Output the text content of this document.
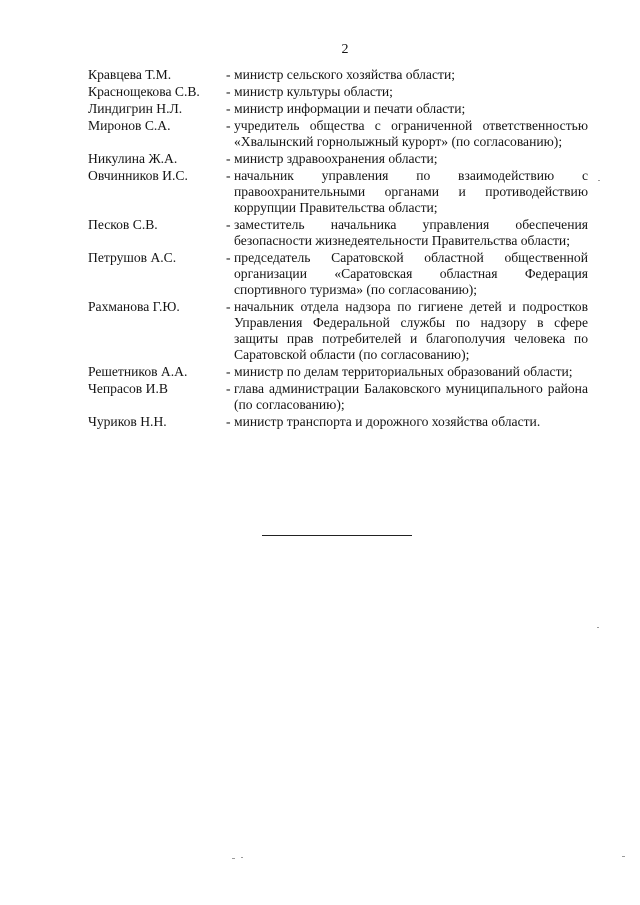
2
Кравцева Т.М.	- министр сельского хозяйства области;
Краснощекова С.В.	- министр культуры области;
Линдигрин Н.Л.	- министр информации и печати области;
Миронов С.А.	- учредитель общества с ограниченной ответственностью «Хвалынский горнолыжный курорт» (по согласованию);
Никулина Ж.А.	- министр здравоохранения области;
Овчинников И.С.	- начальник управления по взаимодействию с правоохранительными органами и противодействию коррупции Правительства области;
Песков С.В.	- заместитель начальника управления обеспечения безопасности жизнедеятельности Правительства области;
Петрушов А.С.	- председатель Саратовской областной общественной организации «Саратовская областная Федерация спортивного туризма» (по согласованию);
Рахманова Г.Ю.	- начальник отдела надзора по гигиене детей и подростков Управления Федеральной службы по надзору в сфере защиты прав потребителей и благополучия человека по Саратовской области (по согласованию);
Решетников А.А.	- министр по делам территориальных образований области;
Чепрасов И.В	- глава администрации Балаковского муниципального района (по согласованию);
Чуриков Н.Н.	- министр транспорта и дорожного хозяйства области.
